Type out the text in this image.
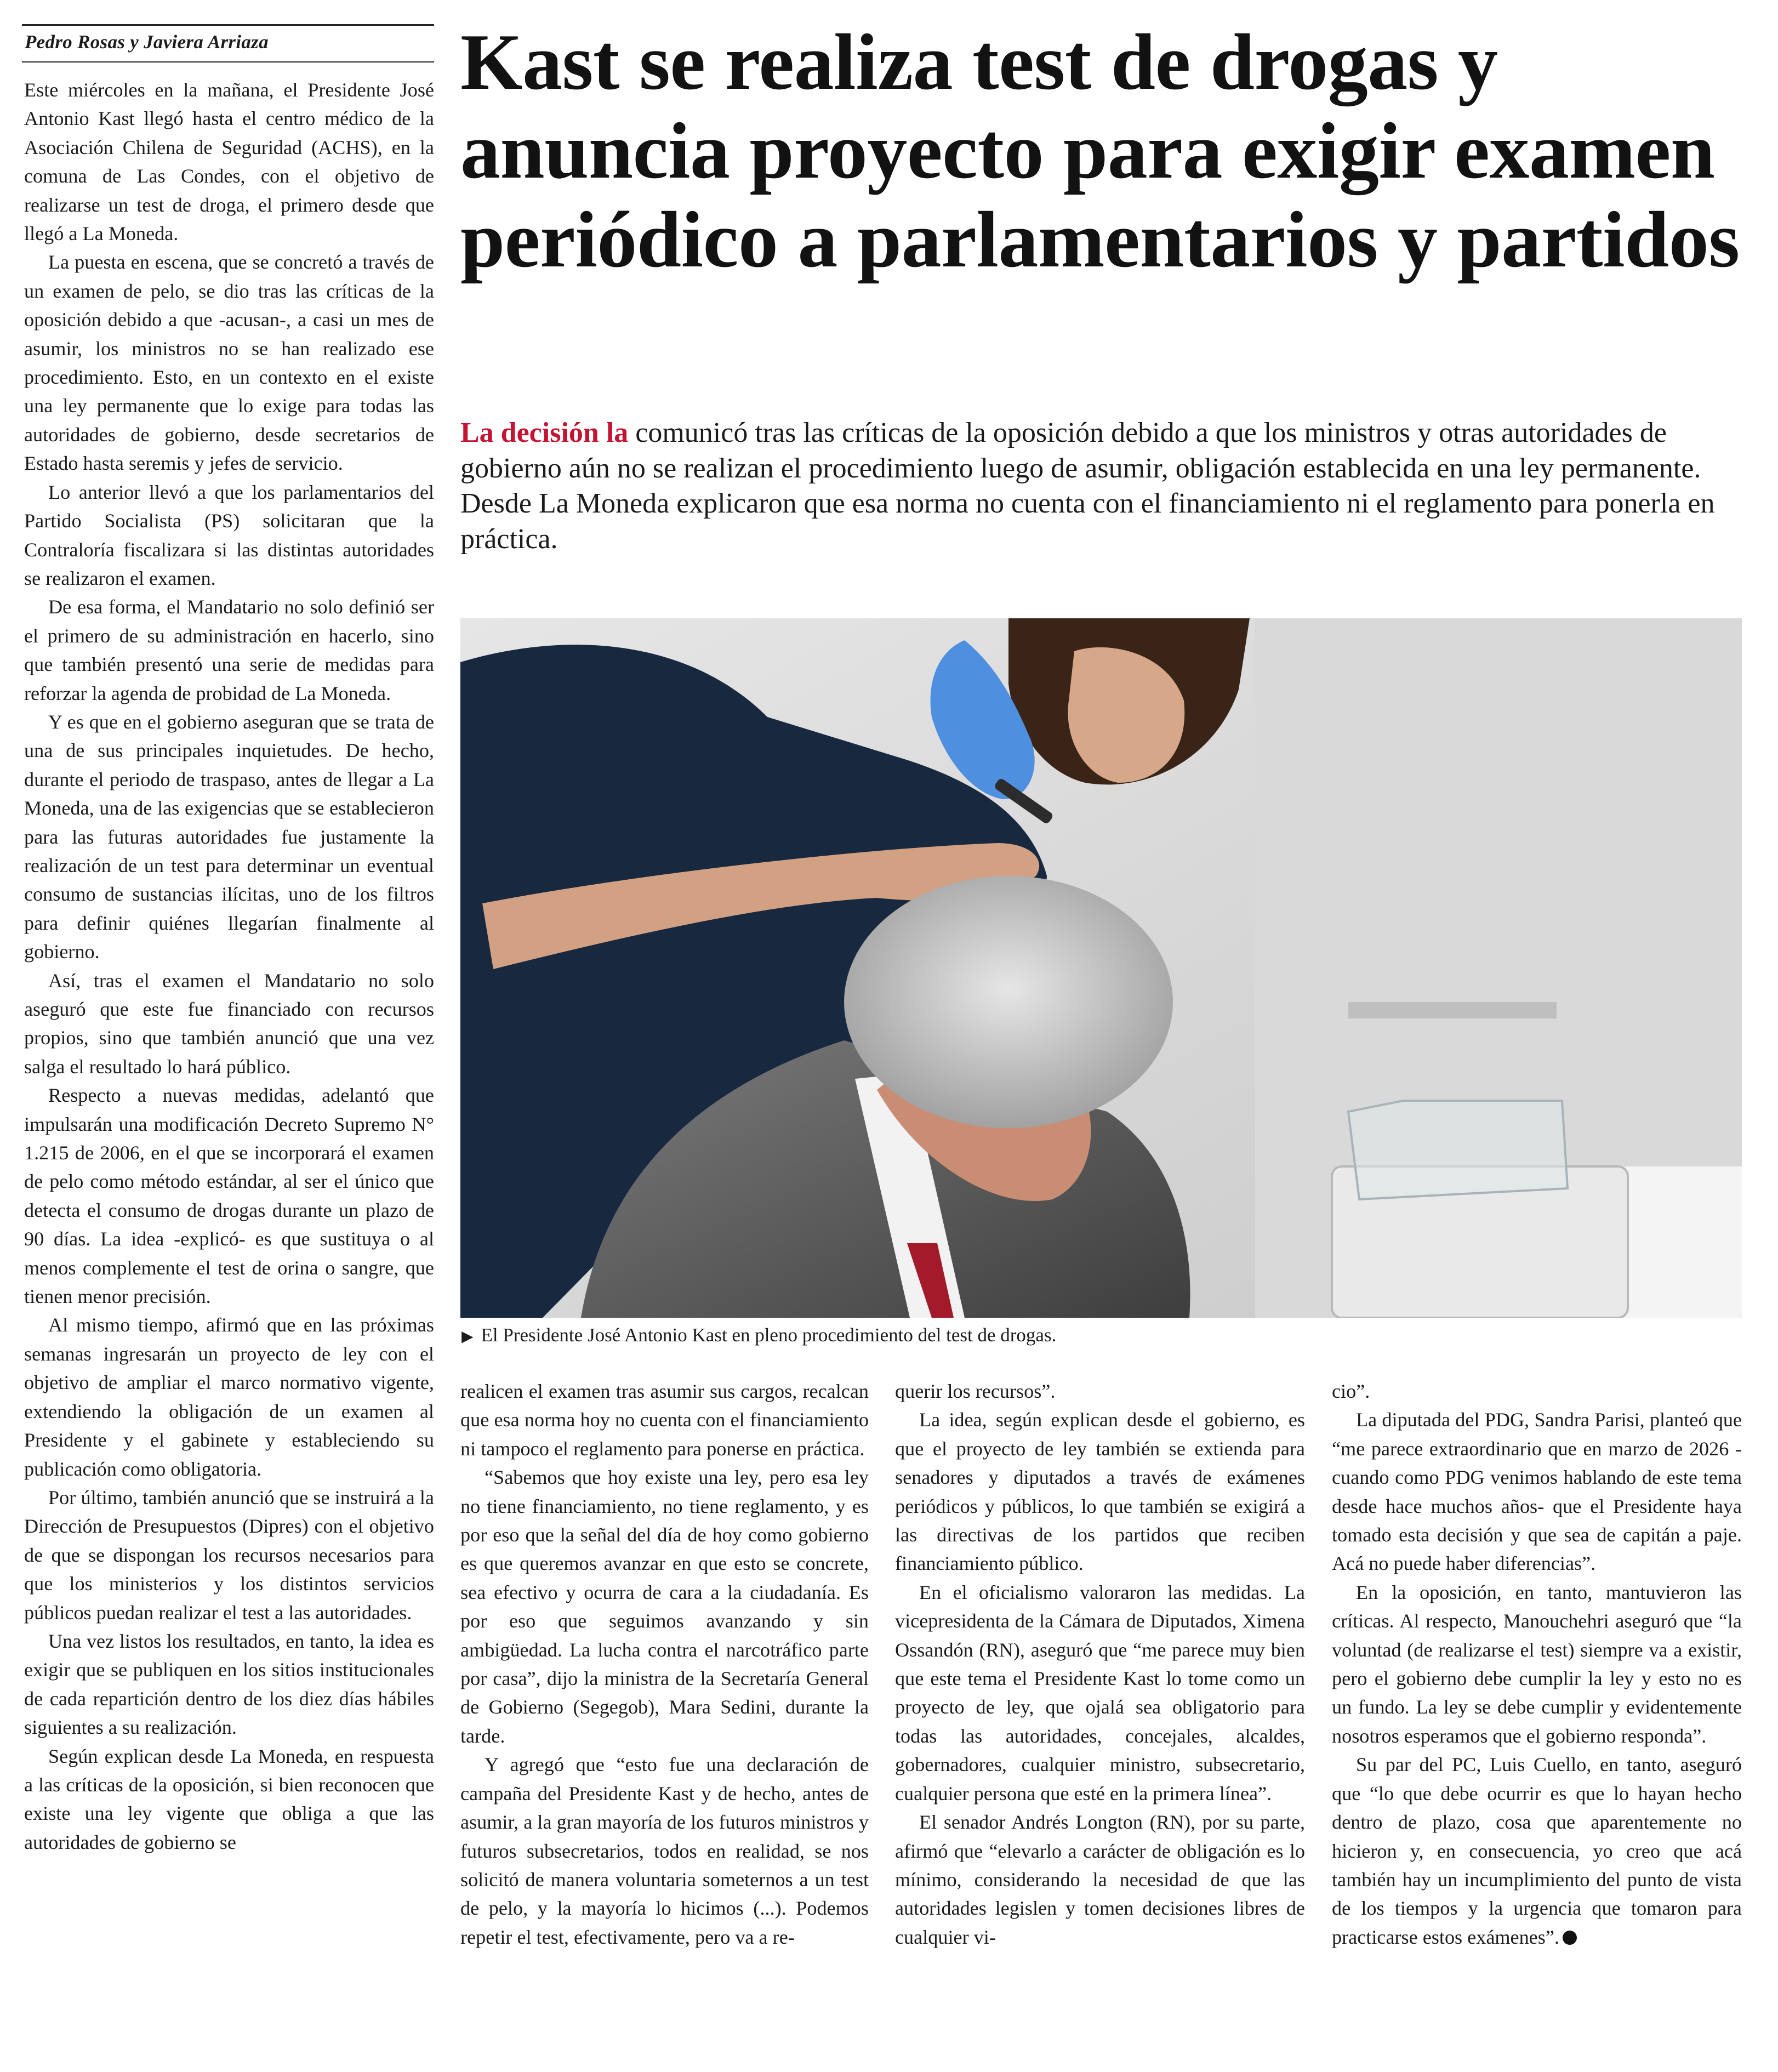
Pedro Rosas y Javiera Arriaza

Este miércoles en la mañana, el Presidente José Antonio Kast llegó hasta el centro médico de la Asociación Chilena de Seguridad (ACHS), en la comuna de Las Condes, con el objetivo de realizarse un test de droga, el primero desde que llegó a La Moneda.

La puesta en escena, que se concretó a través de un examen de pelo, se dio tras las críticas de la oposición debido a que -acusan-, a casi un mes de asumir, los ministros no se han realizado ese procedimiento. Esto, en un contexto en el existe una ley permanente que lo exige para todas las autoridades de gobierno, desde secretarios de Estado hasta seremis y jefes de servicio.

Lo anterior llevó a que los parlamentarios del Partido Socialista (PS) solicitaran que la Contraloría fiscalizara si las distintas autoridades se realizaron el examen.

De esa forma, el Mandatario no solo definió ser el primero de su administración en hacerlo, sino que también presentó una serie de medidas para reforzar la agenda de probidad de La Moneda.

Y es que en el gobierno aseguran que se trata de una de sus principales inquietudes. De hecho, durante el periodo de traspaso, antes de llegar a La Moneda, una de las exigencias que se establecieron para las futuras autoridades fue justamente la realización de un test para determinar un eventual consumo de sustancias ilícitas, uno de los filtros para definir quiénes llegarían finalmente al gobierno.

Así, tras el examen el Mandatario no solo aseguró que este fue financiado con recursos propios, sino que también anunció que una vez salga el resultado lo hará público.

Respecto a nuevas medidas, adelantó que impulsarán una modificación Decreto Supremo N° 1.215 de 2006, en el que se incorporará el examen de pelo como método estándar, al ser el único que detecta el consumo de drogas durante un plazo de 90 días. La idea -explicó- es que sustituya o al menos complemente el test de orina o sangre, que tienen menor precisión.

Al mismo tiempo, afirmó que en las próximas semanas ingresarán un proyecto de ley con el objetivo de ampliar el marco normativo vigente, extendiendo la obligación de un examen al Presidente y el gabinete y estableciendo su publicación como obligatoria.

Por último, también anunció que se instruirá a la Dirección de Presupuestos (Dipres) con el objetivo de que se dispongan los recursos necesarios para que los ministerios y los distintos servicios públicos puedan realizar el test a las autoridades.

Una vez listos los resultados, en tanto, la idea es exigir que se publiquen en los sitios institucionales de cada repartición dentro de los diez días hábiles siguientes a su realización.

Según explican desde La Moneda, en respuesta a las críticas de la oposición, si bien reconocen que existe una ley vigente que obliga a que las autoridades de gobierno se

Kast se realiza test de drogas y anuncia proyecto para exigir examen periódico a parlamentarios y partidos
La decisión la comunicó tras las críticas de la oposición debido a que los ministros y otras autoridades de gobierno aún no se realizan el procedimiento luego de asumir, obligación establecida en una ley permanente. Desde La Moneda explicaron que esa norma no cuenta con el financiamiento ni el reglamento para ponerla en práctica.
▶ El Presidente José Antonio Kast en pleno procedimiento del test de drogas.

realicen el examen tras asumir sus cargos, recalcan que esa norma hoy no cuenta con el financiamiento ni tampoco el reglamento para ponerse en práctica.

“Sabemos que hoy existe una ley, pero esa ley no tiene financiamiento, no tiene reglamento, y es por eso que la señal del día de hoy como gobierno es que queremos avanzar en que esto se concrete, sea efectivo y ocurra de cara a la ciudadanía. Es por eso que seguimos avanzando y sin ambigüedad. La lucha contra el narcotráfico parte por casa”, dijo la ministra de la Secretaría General de Gobierno (Segegob), Mara Sedini, durante la tarde.

Y agregó que “esto fue una declaración de campaña del Presidente Kast y de hecho, antes de asumir, a la gran mayoría de los futuros ministros y futuros subsecretarios, todos en realidad, se nos solicitó de manera voluntaria someternos a un test de pelo, y la mayoría lo hicimos (...). Podemos repetir el test, efectivamente, pero va a re-

querir los recursos”.

La idea, según explican desde el gobierno, es que el proyecto de ley también se extienda para senadores y diputados a través de exámenes periódicos y públicos, lo que también se exigirá a las directivas de los partidos que reciben financiamiento público.

En el oficialismo valoraron las medidas. La vicepresidenta de la Cámara de Diputados, Ximena Ossandón (RN), aseguró que “me parece muy bien que este tema el Presidente Kast lo tome como un proyecto de ley, que ojalá sea obligatorio para todas las autoridades, concejales, alcaldes, gobernadores, cualquier ministro, subsecretario, cualquier persona que esté en la primera línea”.

El senador Andrés Longton (RN), por su parte, afirmó que “elevarlo a carácter de obligación es lo mínimo, considerando la necesidad de que las autoridades legislen y tomen decisiones libres de cualquier vi-

cio”.

La diputada del PDG, Sandra Parisi, planteó que “me parece extraordinario que en marzo de 2026 -cuando como PDG venimos hablando de este tema desde hace muchos años- que el Presidente haya tomado esta decisión y que sea de capitán a paje. Acá no puede haber diferencias”.

En la oposición, en tanto, mantuvieron las críticas. Al respecto, Manouchehri aseguró que “la voluntad (de realizarse el test) siempre va a existir, pero el gobierno debe cumplir la ley y esto no es un fundo. La ley se debe cumplir y evidentemente nosotros esperamos que el gobierno responda”.

Su par del PC, Luis Cuello, en tanto, aseguró que “lo que debe ocurrir es que lo hayan hecho dentro de plazo, cosa que aparentemente no hicieron y, en consecuencia, yo creo que acá también hay un incumplimiento del punto de vista de los tiempos y la urgencia que tomaron para practicarse estos exámenes”.
